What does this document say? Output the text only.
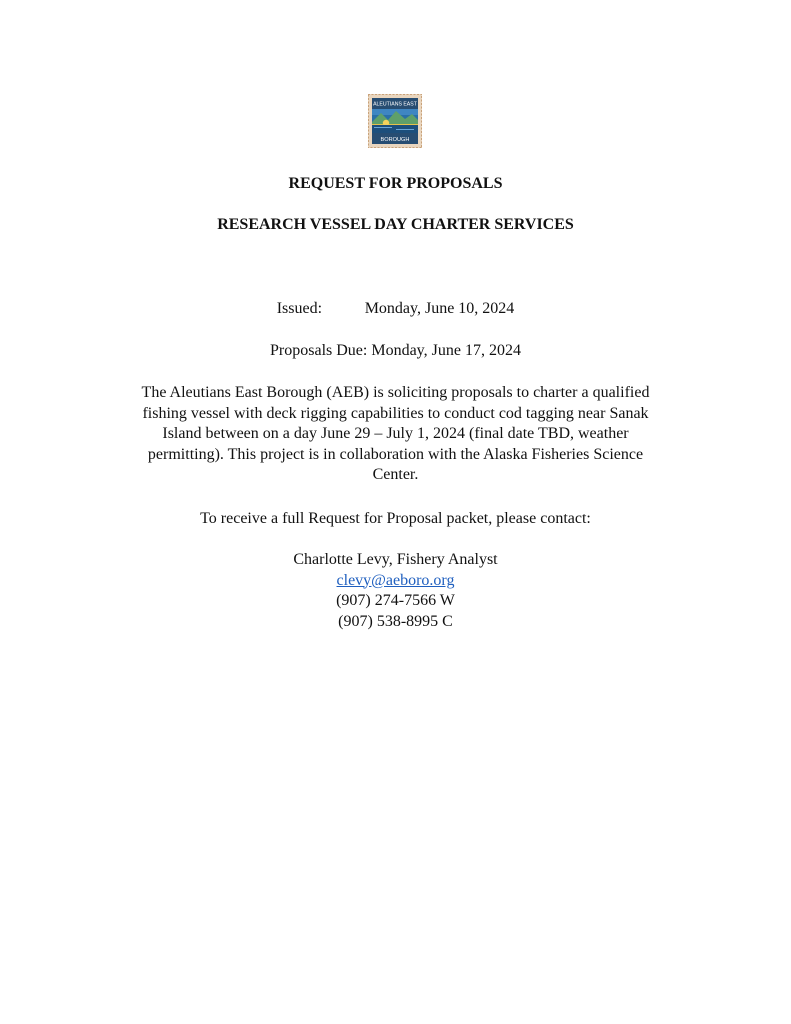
ALEUTIANS EAST
BOROUGH
REQUEST FOR PROPOSALS
RESEARCH VESSEL DAY CHARTER SERVICES
Issued:	Monday, June 10, 2024
Proposals Due: Monday, June 17, 2024
The Aleutians East Borough (AEB) is soliciting proposals to charter a qualified
fishing vessel with deck rigging capabilities to conduct cod tagging near Sanak
Island between on a day June 29 – July 1, 2024 (final date TBD, weather
permitting). This project is in collaboration with the Alaska Fisheries Science
Center.
To receive a full Request for Proposal packet, please contact:
Charlotte Levy, Fishery Analyst
clevy@aeboro.org
(907) 274-7566 W
(907) 538-8995 C
